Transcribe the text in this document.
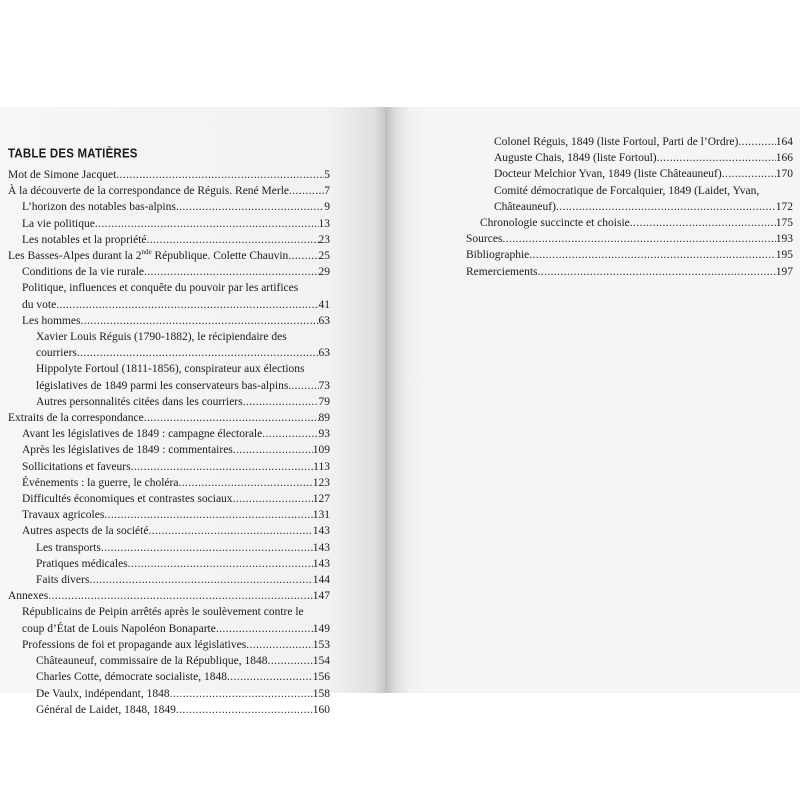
TABLE DES MATIÈRES
Mot de Simone Jacquet .....	5
À la découverte de la correspondance de Réguis. René Merle .....	7
L’horizon des notables bas-alpins .....	9
La vie politique .....	13
Les notables et la propriété .....	23
Les Basses-Alpes durant la 2nde République. Colette Chauvin .....	25
Conditions de la vie rurale .....	29
Politique, influences et conquête du pouvoir par les artifices
du vote .....	41
Les hommes .....	63
Xavier Louis Réguis (1790-1882), le récipiendaire des
courriers .....	63
Hippolyte Fortoul (1811-1856), conspirateur aux élections
législatives de 1849 parmi les conservateurs bas-alpins. ..... 73
Autres personnalités citées dans les courriers .....	79
Extraits de la correspondance .....	89
Avant les législatives de 1849 : campagne électorale .....	93
Après les législatives de 1849 : commentaires .....	109
Sollicitations et faveurs .....	113
Événements : la guerre, le choléra .....	123
Difficultés économiques et contrastes sociaux .....	127
Travaux agricoles .....	131
Autres aspects de la société .....	143
Les transports .....	143
Pratiques médicales .....	143
Faits divers .....	144
Annexes .....	147
Républicains de Peipin arrêtés après le soulèvement contre le
coup d’État de Louis Napoléon Bonaparte .....	149
Professions de foi et propagande aux législatives .....	153
Châteauneuf, commissaire de la République, 1848 .....	154
Charles Cotte, démocrate socialiste, 1848 .....	156
De Vaulx, indépendant, 1848 .....	158
Général de Laidet, 1848, 1849 .....	160
Colonel Réguis, 1849 (liste Fortoul, Parti de l’Ordre) .....	164
Auguste Chais, 1849 (liste Fortoul) .....	166
Docteur Melchior Yvan, 1849 (liste Châteauneuf) .....	170
Comité démocratique de Forcalquier, 1849 (Laidet, Yvan,
Châteauneuf) .....	172
Chronologie succincte et choisie .....	175
Sources .....	193
Bibliographie .....	195
Remerciements .....	197
